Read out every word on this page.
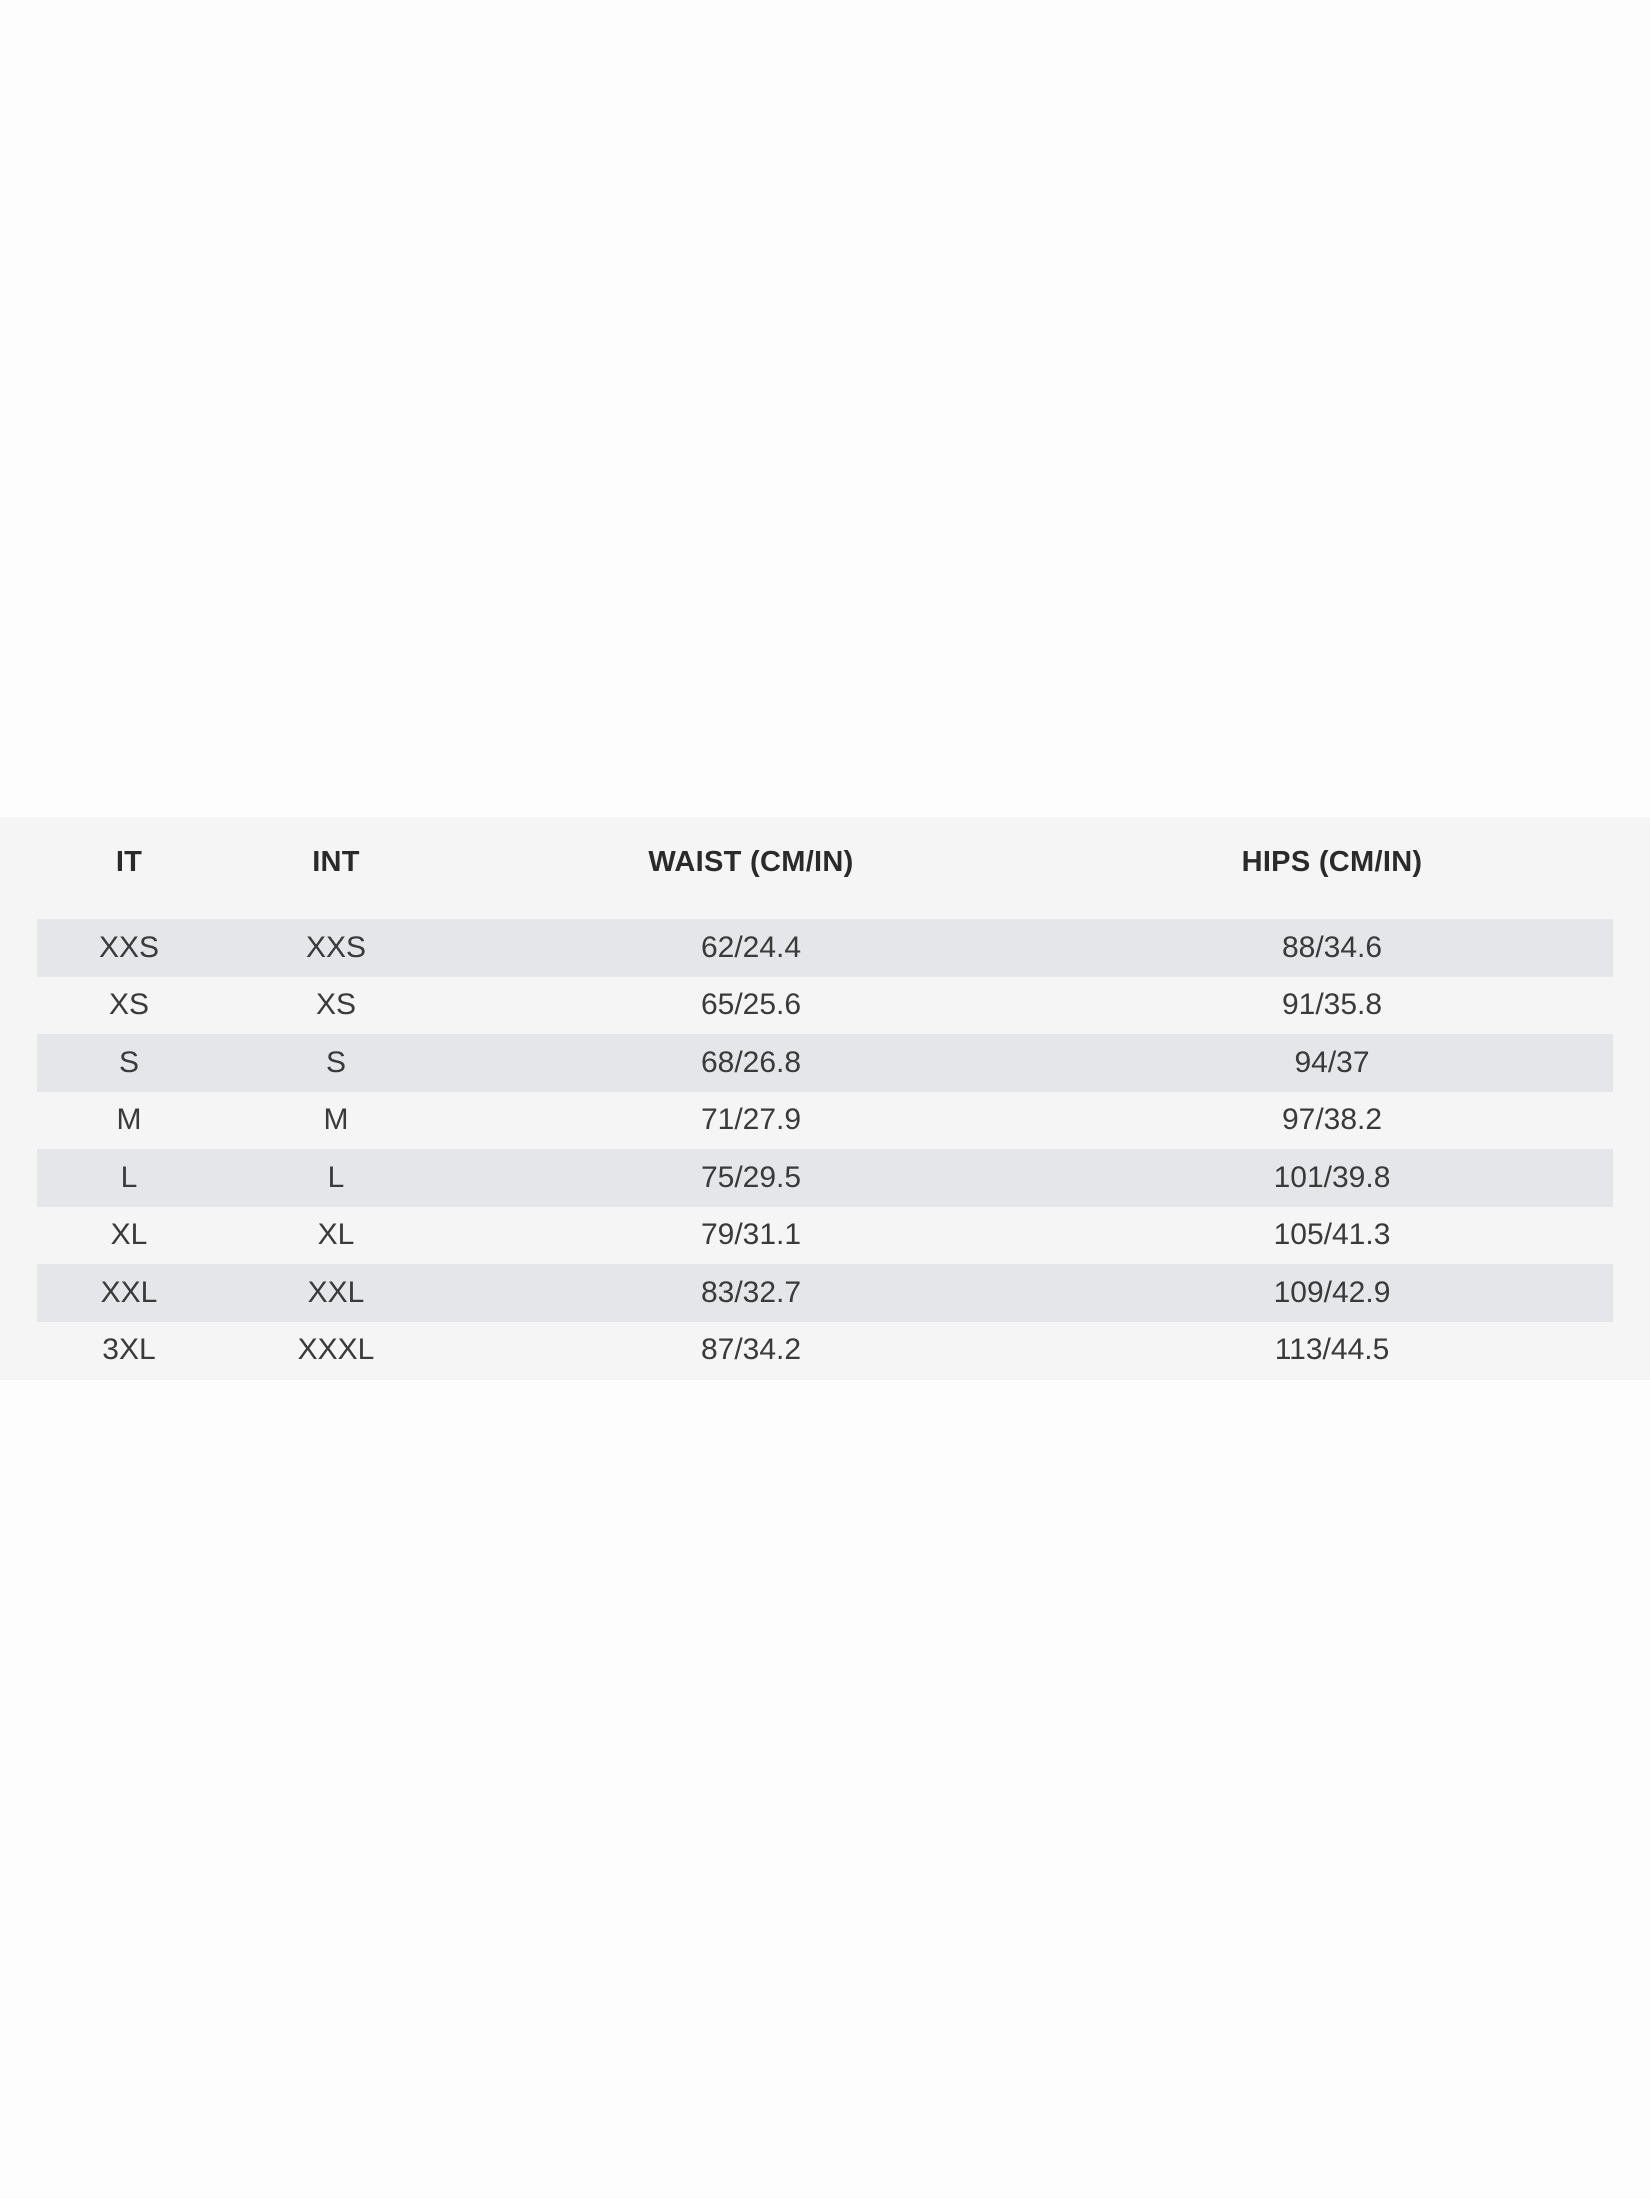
IT	INT	WAIST (CM/IN)	HIPS (CM/IN)
XXS	XXS	62/24.4	88/34.6
XS	XS	65/25.6	91/35.8
S	S	68/26.8	94/37
M	M	71/27.9	97/38.2
L	L	75/29.5	101/39.8
XL	XL	79/31.1	105/41.3
XXL	XXL	83/32.7	109/42.9
3XL	XXXL	87/34.2	113/44.5
